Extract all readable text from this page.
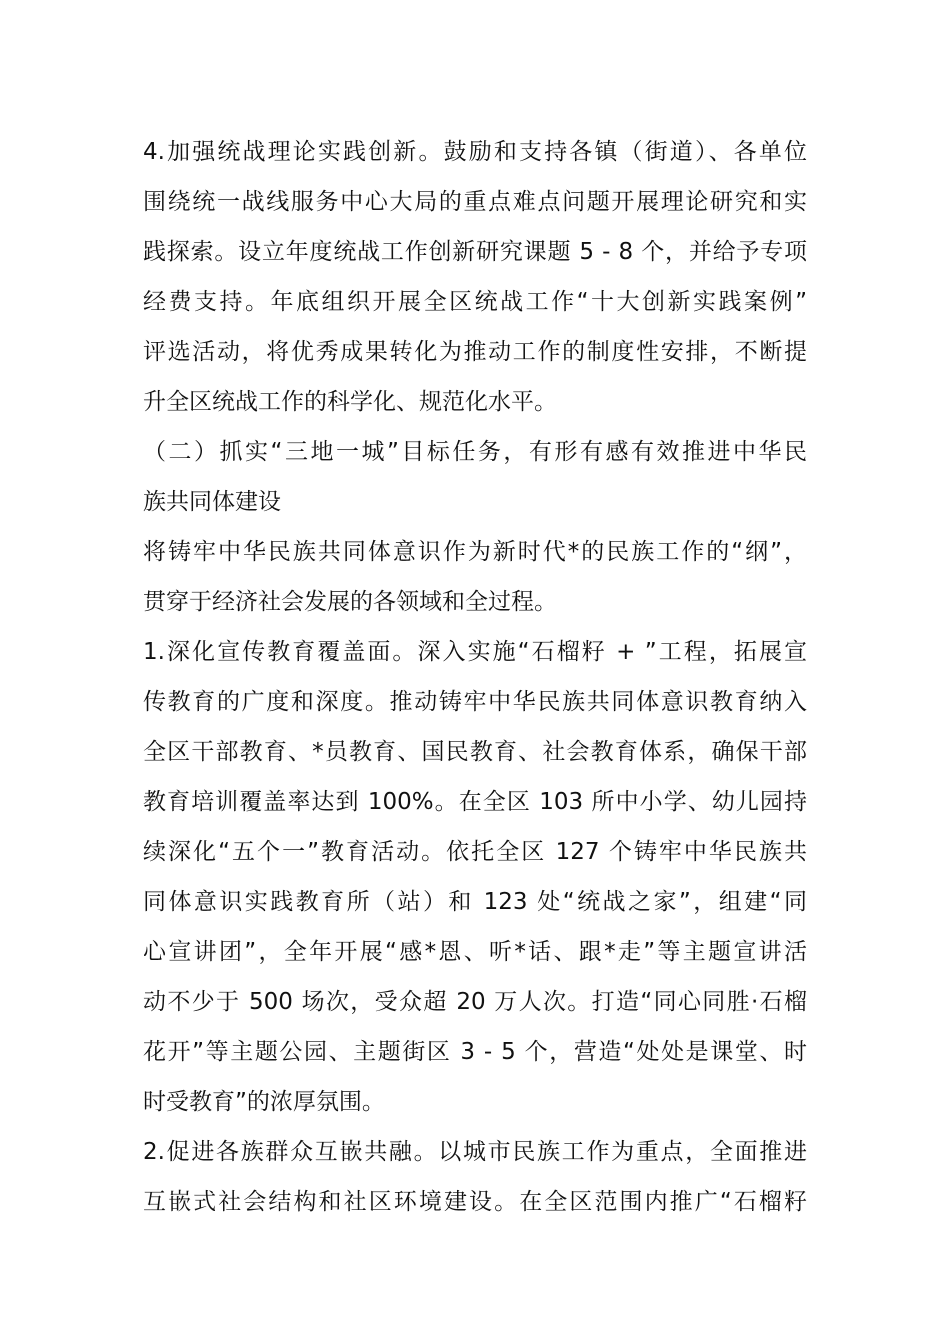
4.加强统战理论实践创新。鼓励和支持各镇（街道）、各单位
围绕统一战线服务中心大局的重点难点问题开展理论研究和实
践探索。设立年度统战工作创新研究课题 5 - 8 个，并给予专项
经费支持。年底组织开展全区统战工作“十大创新实践案例”
评选活动，将优秀成果转化为推动工作的制度性安排，不断提
升全区统战工作的科学化、规范化水平。
（二）抓实“三地一城”目标任务，有形有感有效推进中华民
族共同体建设
将铸牢中华民族共同体意识作为新时代*的民族工作的“纲”，
贯穿于经济社会发展的各领域和全过程。
1.深化宣传教育覆盖面。深入实施“石榴籽 + ”工程，拓展宣
传教育的广度和深度。推动铸牢中华民族共同体意识教育纳入
全区干部教育、*员教育、国民教育、社会教育体系，确保干部
教育培训覆盖率达到 100%。在全区 103 所中小学、幼儿园持
续深化“五个一”教育活动。依托全区 127 个铸牢中华民族共
同体意识实践教育所（站）和 123 处“统战之家”，组建“同
心宣讲团”，全年开展“感*恩、听*话、跟*走”等主题宣讲活
动不少于 500 场次，受众超 20 万人次。打造“同心同胜·石榴
花开”等主题公园、主题街区 3 - 5 个，营造“处处是课堂、时
时受教育”的浓厚氛围。
2.促进各族群众互嵌共融。以城市民族工作为重点，全面推进
互嵌式社会结构和社区环境建设。在全区范围内推广“石榴籽
